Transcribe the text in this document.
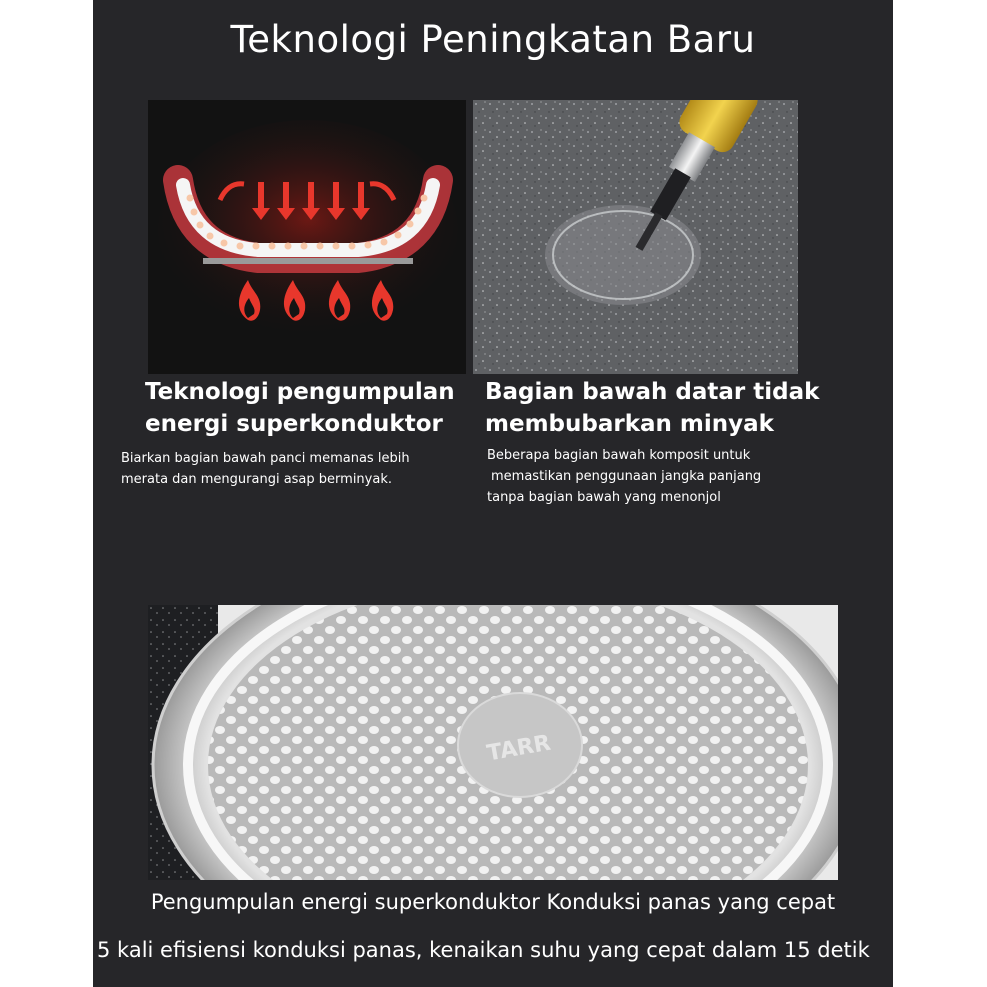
Teknologi Peningkatan Baru
Teknologi pengumpulan
energi superkonduktor

Biarkan bagian bawah panci memanas lebih
merata dan mengurangi asap berminyak.

Bagian bawah datar tidak
membubarkan minyak

Beberapa bagian bawah komposit untuk
memastikan penggunaan jangka panjang
tanpa bagian bawah yang menonjol

TARR
Pengumpulan energi superkonduktor Konduksi panas yang cepat
5 kali efisiensi konduksi panas, kenaikan suhu yang cepat dalam 15 detik
